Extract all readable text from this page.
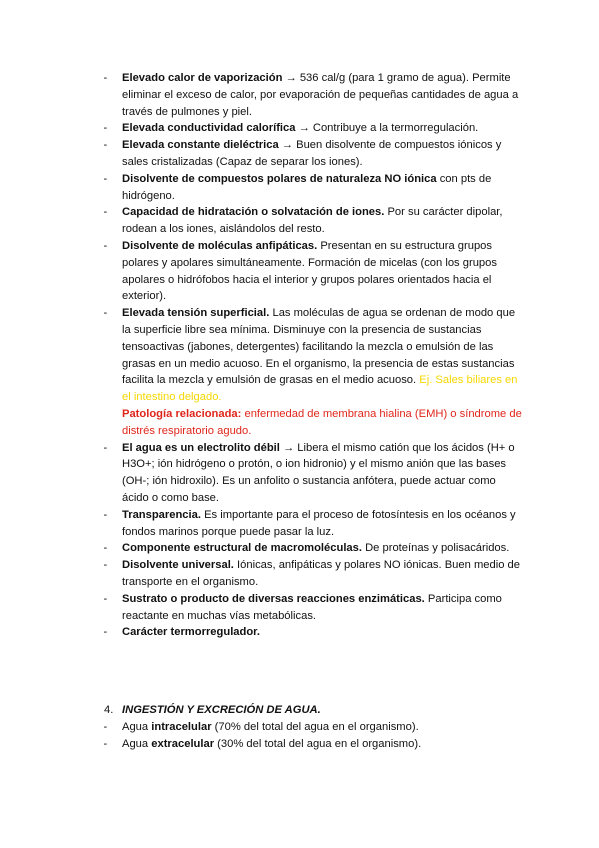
- Elevado calor de vaporización → 536 cal/g (para 1 gramo de agua). Permite eliminar el exceso de calor, por evaporación de pequeñas cantidades de agua a través de pulmones y piel.
- Elevada conductividad calorífica → Contribuye a la termorregulación.
- Elevada constante dieléctrica → Buen disolvente de compuestos iónicos y sales cristalizadas (Capaz de separar los iones).
- Disolvente de compuestos polares de naturaleza NO iónica con pts de hidrógeno.
- Capacidad de hidratación o solvatación de iones. Por su carácter dipolar, rodean a los iones, aislándolos del resto.
- Disolvente de moléculas anfipáticas. Presentan en su estructura grupos polares y apolares simultáneamente. Formación de micelas (con los grupos apolares o hidrófobos hacia el interior y grupos polares orientados hacia el exterior).
- Elevada tensión superficial. Las moléculas de agua se ordenan de modo que la superficie libre sea mínima. Disminuye con la presencia de sustancias tensoactivas (jabones, detergentes) facilitando la mezcla o emulsión de las grasas en un medio acuoso. En el organismo, la presencia de estas sustancias facilita la mezcla y emulsión de grasas en el medio acuoso. Ej. Sales biliares en el intestino delgado.
Patología relacionada: enfermedad de membrana hialina (EMH) o síndrome de distrés respiratorio agudo.
- El agua es un electrolito débil → Libera el mismo catión que los ácidos (H+ o H3O+; ión hidrógeno o protón, o ion hidronio) y el mismo anión que las bases (OH-; ión hidroxilo). Es un anfolito o sustancia anfótera, puede actuar como ácido o como base.
- Transparencia. Es importante para el proceso de fotosíntesis en los océanos y fondos marinos porque puede pasar la luz.
- Componente estructural de macromoléculas. De proteínas y polisacáridos.
- Disolvente universal. Iónicas, anfipáticas y polares NO iónicas. Buen medio de transporte en el organismo.
- Sustrato o producto de diversas reacciones enzimáticas. Participa como reactante en muchas vías metabólicas.
- Carácter termorregulador.
4. INGESTIÓN Y EXCRECIÓN DE AGUA.
- Agua intracelular (70% del total del agua en el organismo).
- Agua extracelular (30% del total del agua en el organismo).
